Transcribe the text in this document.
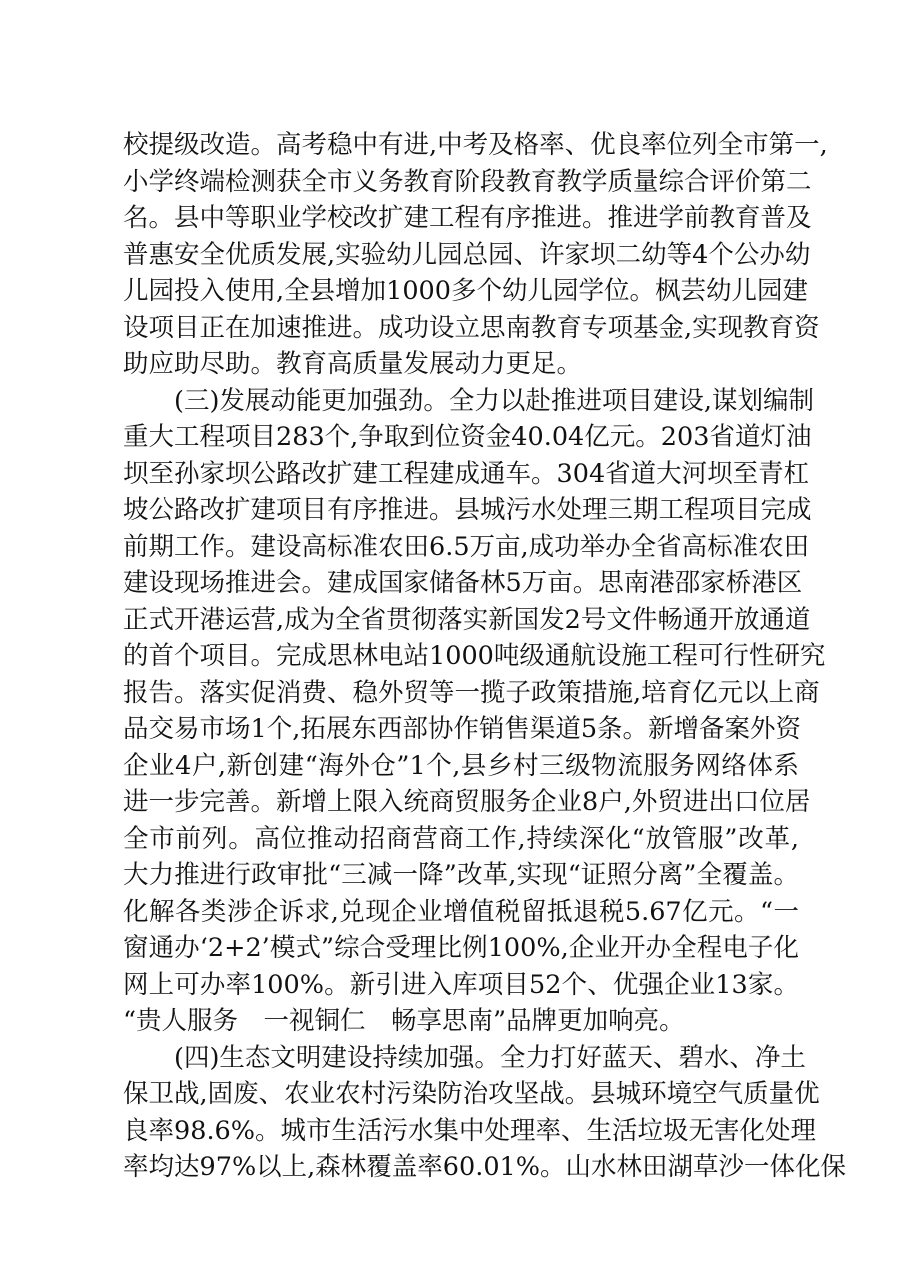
校提级改造。高考稳中有进,中考及格率、优良率位列全市第一,
小学终端检测获全市义务教育阶段教育教学质量综合评价第二
名。县中等职业学校改扩建工程有序推进。推进学前教育普及
普惠安全优质发展,实验幼儿园总园、许家坝二幼等4个公办幼
儿园投入使用,全县增加1000多个幼儿园学位。枫芸幼儿园建
设项目正在加速推进。成功设立思南教育专项基金,实现教育资
助应助尽助。教育高质量发展动力更足。
(三)发展动能更加强劲。全力以赴推进项目建设,谋划编制
重大工程项目283个,争取到位资金40.04亿元。203省道灯油
坝至孙家坝公路改扩建工程建成通车。304省道大河坝至青杠
坡公路改扩建项目有序推进。县城污水处理三期工程项目完成
前期工作。建设高标准农田6.5万亩,成功举办全省高标准农田
建设现场推进会。建成国家储备林5万亩。思南港邵家桥港区
正式开港运营,成为全省贯彻落实新国发2号文件畅通开放通道
的首个项目。完成思林电站1000吨级通航设施工程可行性研究
报告。落实促消费、稳外贸等一揽子政策措施,培育亿元以上商
品交易市场1个,拓展东西部协作销售渠道5条。新增备案外资
企业4户,新创建“海外仓”1个,县乡村三级物流服务网络体系
进一步完善。新增上限入统商贸服务企业8户,外贸进出口位居
全市前列。高位推动招商营商工作,持续深化“放管服”改革,
大力推进行政审批“三减一降”改革,实现“证照分离”全覆盖。
化解各类涉企诉求,兑现企业增值税留抵退税5.67亿元。“一
窗通办‘2+2’模式”综合受理比例100%,企业开办全程电子化
网上可办率100%。新引进入库项目52个、优强企业13家。
“贵人服务　一视铜仁　畅享思南”品牌更加响亮。
(四)生态文明建设持续加强。全力打好蓝天、碧水、净土
保卫战,固废、农业农村污染防治攻坚战。县城环境空气质量优
良率98.6%。城市生活污水集中处理率、生活垃圾无害化处理
率均达97%以上,森林覆盖率60.01%。山水林田湖草沙一体化保
